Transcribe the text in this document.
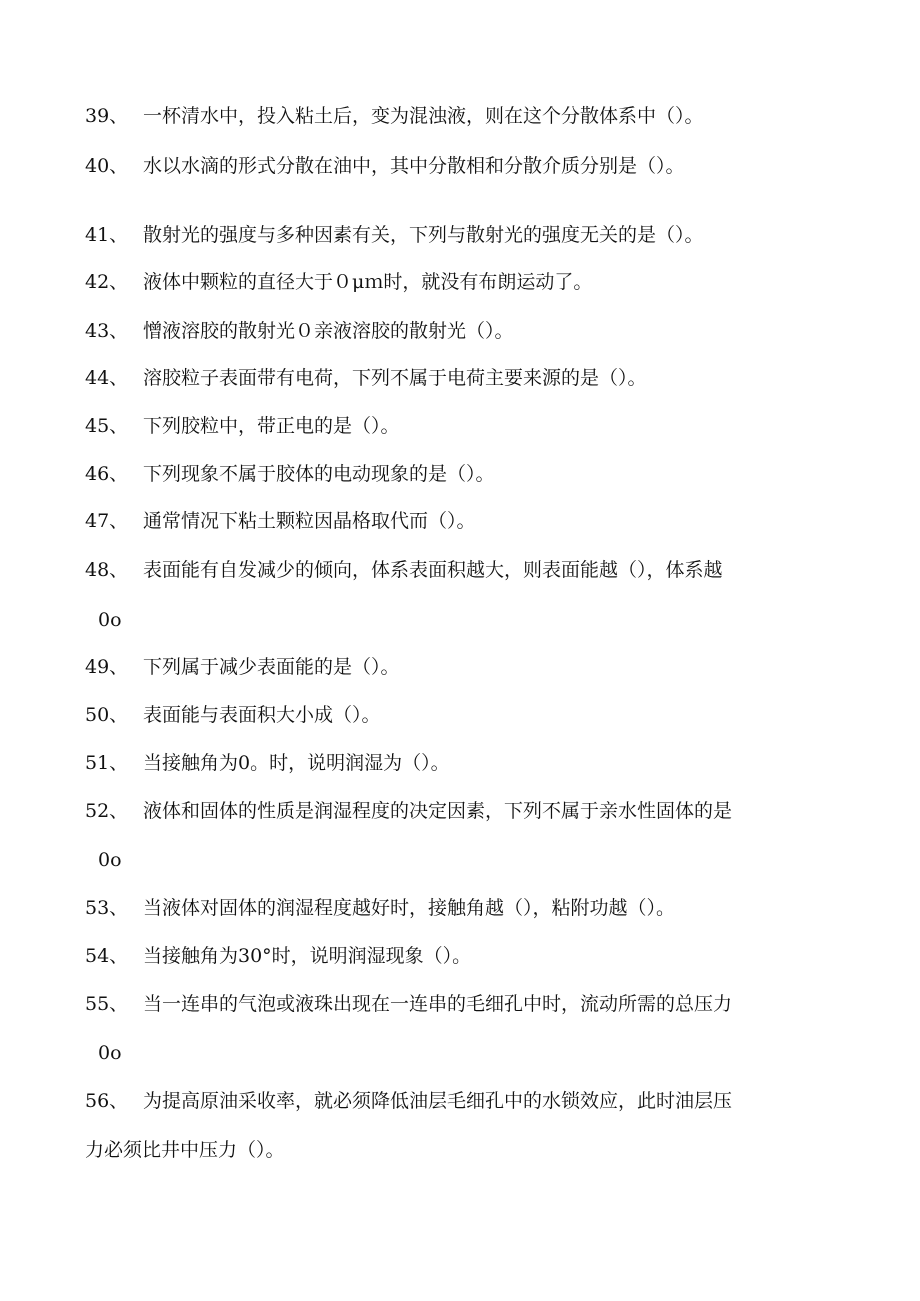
39、 一杯清水中，投入粘土后，变为混浊液，则在这个分散体系中（）。
40、 水以水滴的形式分散在油中，其中分散相和分散介质分别是（）。
41、 散射光的强度与多种因素有关，下列与散射光的强度无关的是（）。
42、 液体中颗粒的直径大于０μｍ时，就没有布朗运动了。
43、 憎液溶胶的散射光０亲液溶胶的散射光（）。
44、 溶胶粒子表面带有电荷，下列不属于电荷主要来源的是（）。
45、 下列胶粒中，带正电的是（）。
46、 下列现象不属于胶体的电动现象的是（）。
47、 通常情况下粘土颗粒因晶格取代而（）。
48、 表面能有自发减少的倾向，体系表面积越大，则表面能越（），体系越
0o
49、 下列属于减少表面能的是（）。
50、 表面能与表面积大小成（）。
51、 当接触角为0。时，说明润湿为（）。
52、 液体和固体的性质是润湿程度的决定因素，下列不属于亲水性固体的是
0o
53、 当液体对固体的润湿程度越好时，接触角越（），粘附功越（）。
54、 当接触角为30°时，说明润湿现象（）。
55、 当一连串的气泡或液珠出现在一连串的毛细孔中时，流动所需的总压力
0o
56、 为提高原油采收率，就必须降低油层毛细孔中的水锁效应，此时油层压
力必须比井中压力（）。
